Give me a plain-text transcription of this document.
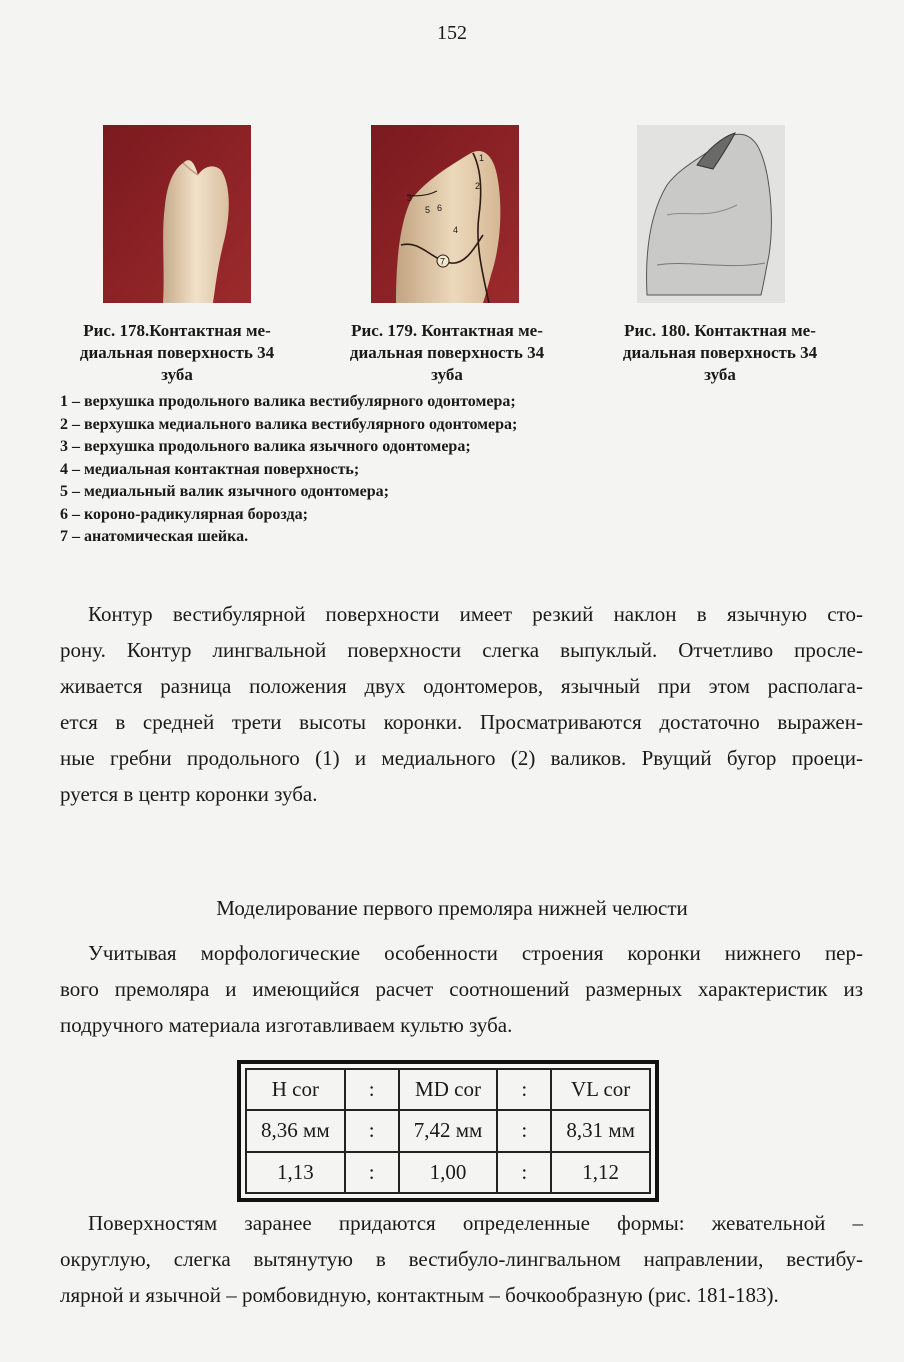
152
Рис. 178.Контактная ме-
диальная поверхность 34
зуба
1
2
3
5 6
4
7
Рис. 179. Контактная ме-
диальная поверхность 34
зуба
Рис. 180. Контактная ме-
диальная поверхность 34
зуба
1 – верхушка продольного валика вестибулярного одонтомера;
2 – верхушка медиального валика вестибулярного одонтомера;
3 – верхушка продольного валика язычного одонтомера;
4 – медиальная контактная поверхность;
5 – медиальный валик язычного одонтомера;
6 – короно-радикулярная борозда;
7 – анатомическая шейка.
Контур вестибулярной поверхности имеет резкий наклон в язычную сто-
рону. Контур лингвальной поверхности слегка выпуклый. Отчетливо просле-
живается разница положения двух одонтомеров, язычный при этом располага-
ется в средней трети высоты коронки. Просматриваются достаточно выражен-
ные гребни продольного (1) и медиального (2) валиков. Рвущий бугор проеци-
руется в центр коронки зуба.
Моделирование первого премоляра нижней челюсти
Учитывая морфологические особенности строения коронки нижнего пер-
вого премоляра и имеющийся расчет соотношений размерных характеристик из
подручного материала изготавливаем культю зуба.
H cor	:	MD cor	:	VL cor
8,36 мм	:	7,42 мм	:	8,31 мм
1,13	:	1,00	:	1,12
Поверхностям заранее придаются определенные формы: жевательной –
округлую, слегка вытянутую в вестибуло-лингвальном направлении, вестибу-
лярной и язычной – ромбовидную, контактным – бочкообразную (рис. 181-183).
